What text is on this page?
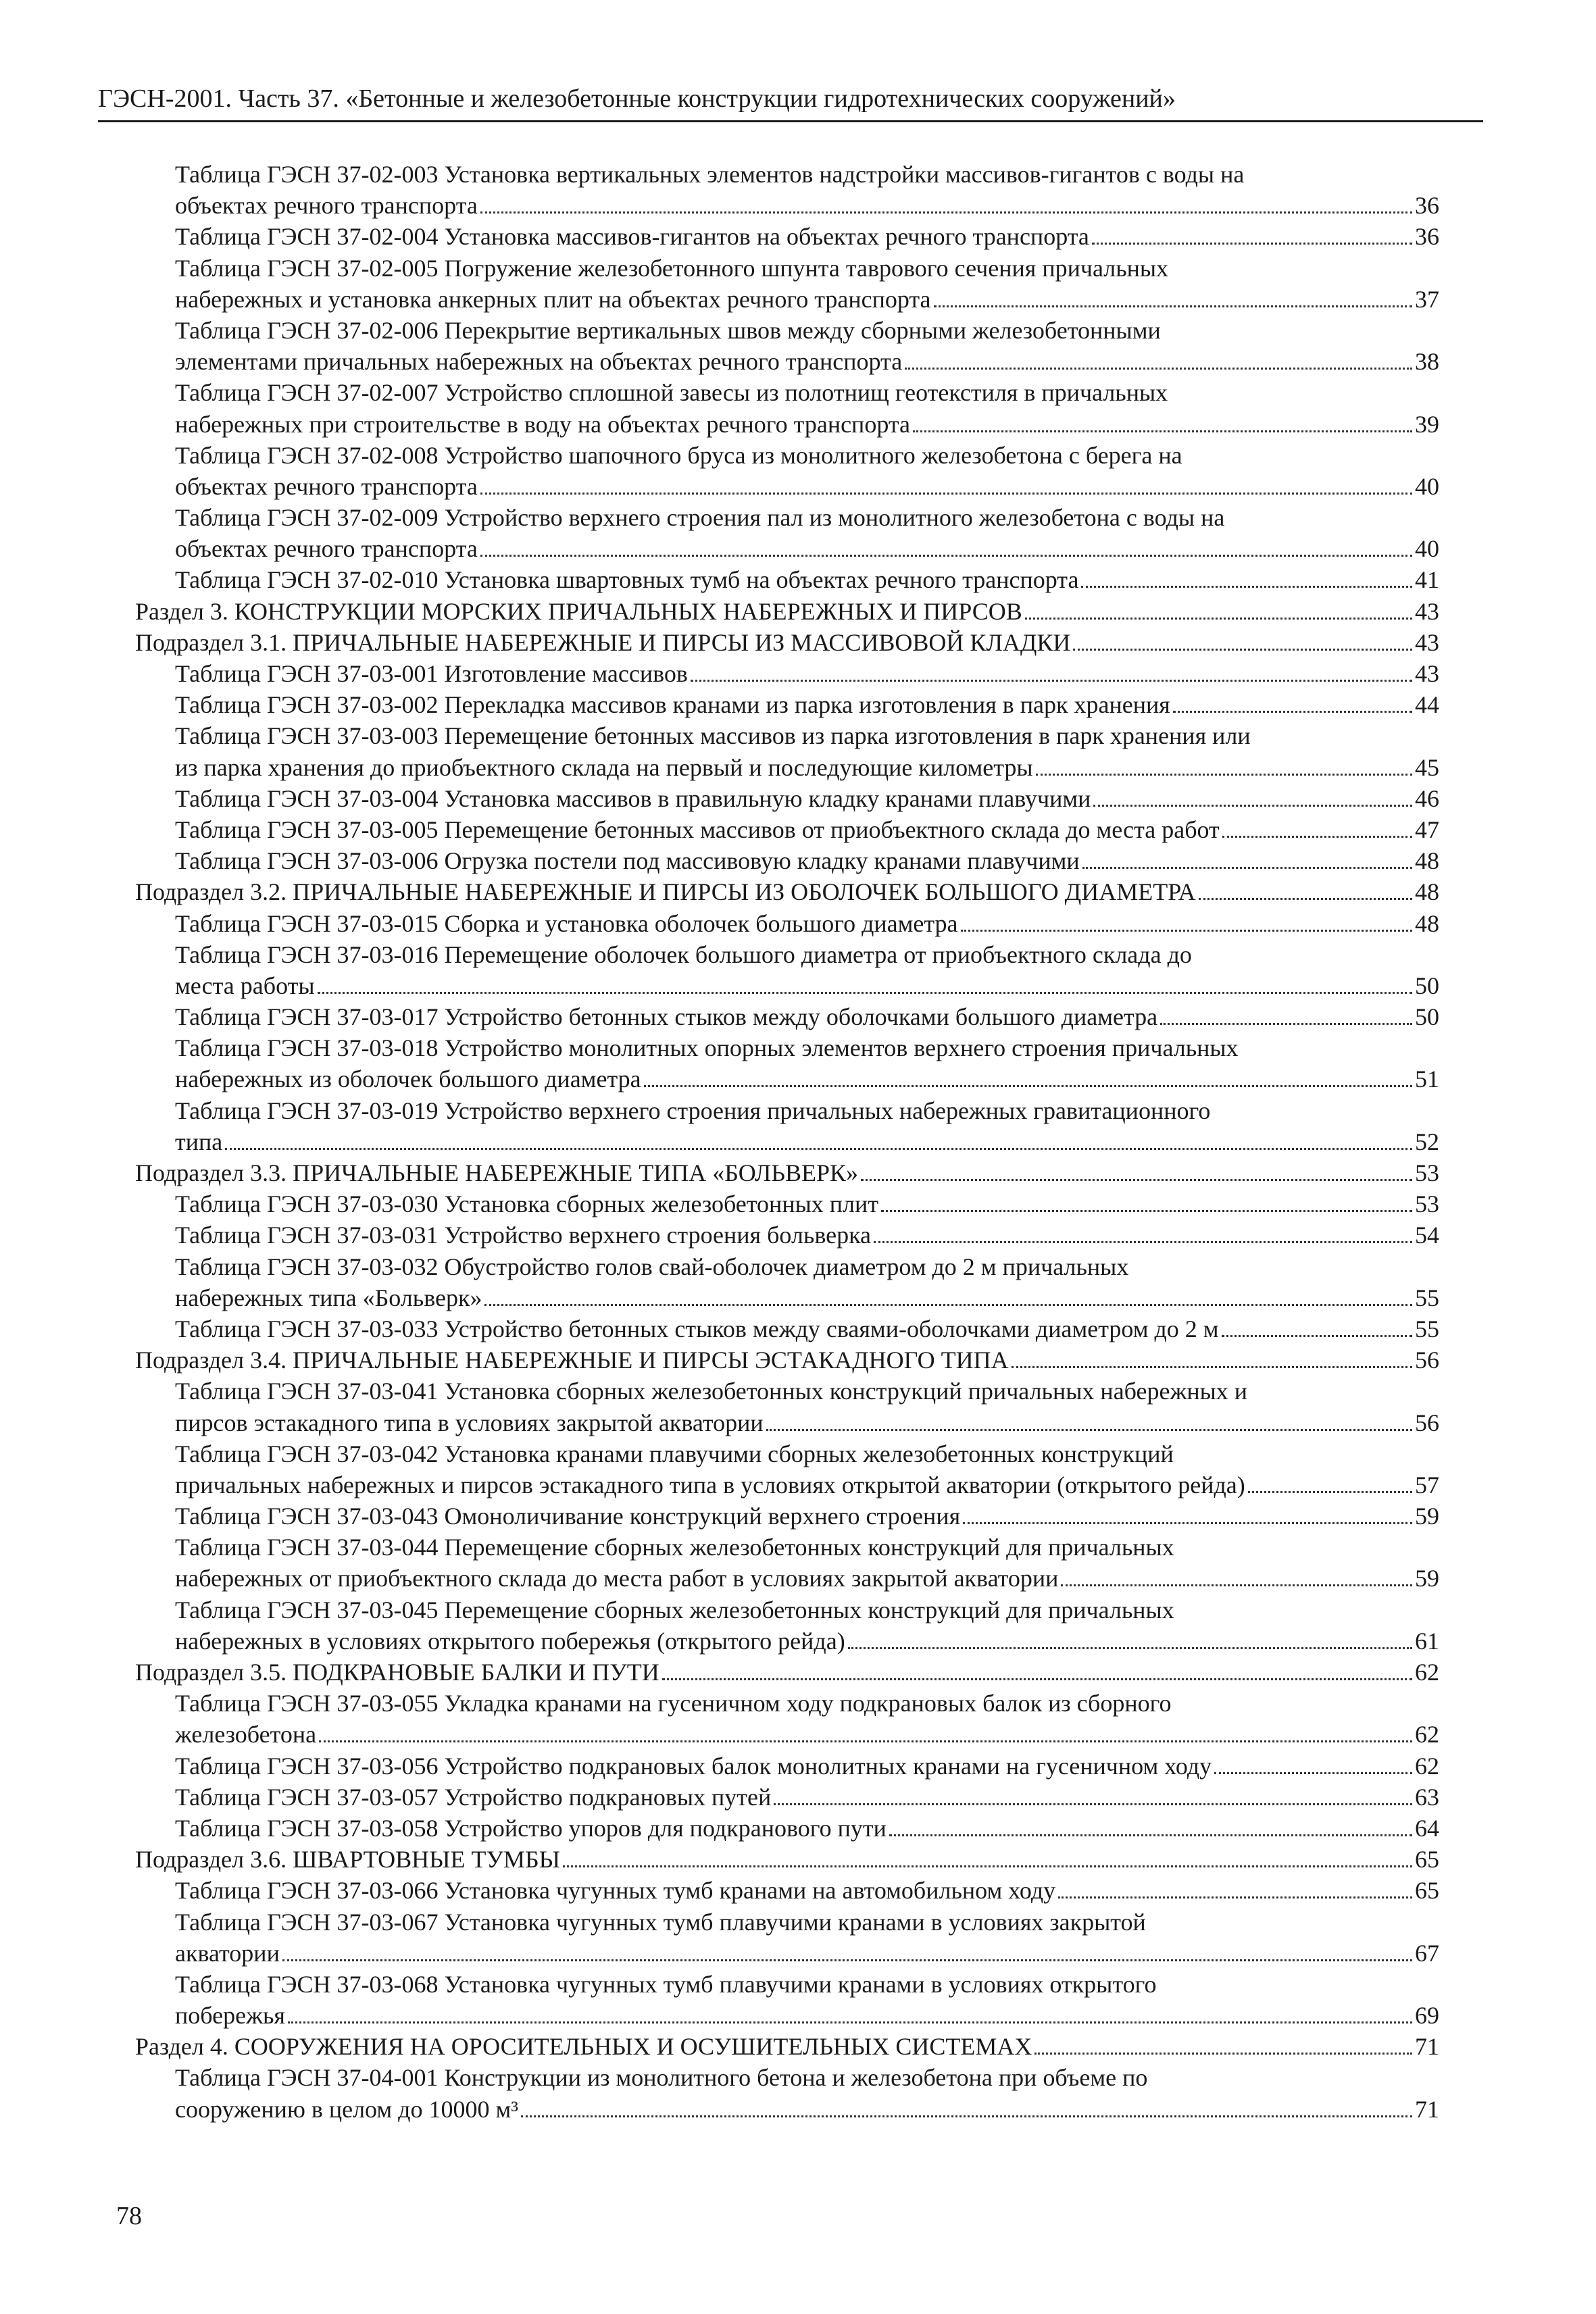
ГЭСН-2001. Часть 37. «Бетонные и железобетонные конструкции гидротехнических сооружений»
Таблица ГЭСН 37-02-003 Установка вертикальных элементов надстройки массивов-гигантов с воды на
объектах речного транспорта	36
Таблица ГЭСН 37-02-004 Установка массивов-гигантов на объектах речного транспорта	36
Таблица ГЭСН 37-02-005 Погружение железобетонного шпунта таврового сечения причальных
набережных и установка анкерных плит на объектах речного транспорта	37
Таблица ГЭСН 37-02-006 Перекрытие вертикальных швов между сборными железобетонными
элементами причальных набережных на объектах речного транспорта	38
Таблица ГЭСН 37-02-007 Устройство сплошной завесы из полотнищ геотекстиля в причальных
набережных при строительстве в воду на объектах речного транспорта	39
Таблица ГЭСН 37-02-008 Устройство шапочного бруса из монолитного железобетона с берега на
объектах речного транспорта	40
Таблица ГЭСН 37-02-009 Устройство верхнего строения пал из монолитного железобетона с воды на
объектах речного транспорта	40
Таблица ГЭСН 37-02-010 Установка швартовных тумб на объектах речного транспорта	41
Раздел 3. КОНСТРУКЦИИ МОРСКИХ ПРИЧАЛЬНЫХ НАБЕРЕЖНЫХ И ПИРСОВ	43
Подраздел 3.1. ПРИЧАЛЬНЫЕ НАБЕРЕЖНЫЕ И ПИРСЫ ИЗ МАССИВОВОЙ КЛАДКИ	43
Таблица ГЭСН 37-03-001 Изготовление массивов	43
Таблица ГЭСН 37-03-002 Перекладка массивов кранами из парка изготовления в парк хранения	44
Таблица ГЭСН 37-03-003 Перемещение бетонных массивов из парка изготовления в парк хранения или
из парка хранения до приобъектного склада на первый и последующие километры	45
Таблица ГЭСН 37-03-004 Установка массивов в правильную кладку кранами плавучими	46
Таблица ГЭСН 37-03-005 Перемещение бетонных массивов от приобъектного склада до места работ	47
Таблица ГЭСН 37-03-006 Огрузка постели под массивовую кладку кранами плавучими	48
Подраздел 3.2. ПРИЧАЛЬНЫЕ НАБЕРЕЖНЫЕ И ПИРСЫ ИЗ ОБОЛОЧЕК БОЛЬШОГО ДИАМЕТРА	48
Таблица ГЭСН 37-03-015 Сборка и установка оболочек большого диаметра	48
Таблица ГЭСН 37-03-016 Перемещение оболочек большого диаметра от приобъектного склада до
места работы	50
Таблица ГЭСН 37-03-017 Устройство бетонных стыков между оболочками большого диаметра	50
Таблица ГЭСН 37-03-018 Устройство монолитных опорных элементов верхнего строения причальных
набережных из оболочек большого диаметра	51
Таблица ГЭСН 37-03-019 Устройство верхнего строения причальных набережных гравитационного
типа	52
Подраздел 3.3. ПРИЧАЛЬНЫЕ НАБЕРЕЖНЫЕ ТИПА «БОЛЬВЕРК»	53
Таблица ГЭСН 37-03-030 Установка сборных железобетонных плит	53
Таблица ГЭСН 37-03-031 Устройство верхнего строения больверка	54
Таблица ГЭСН 37-03-032 Обустройство голов свай-оболочек диаметром до 2 м причальных
набережных типа «Больверк»	55
Таблица ГЭСН 37-03-033 Устройство бетонных стыков между сваями-оболочками диаметром до 2 м	55
Подраздел 3.4. ПРИЧАЛЬНЫЕ НАБЕРЕЖНЫЕ И ПИРСЫ ЭСТАКАДНОГО ТИПА	56
Таблица ГЭСН 37-03-041 Установка сборных железобетонных конструкций причальных набережных и
пирсов эстакадного типа в условиях закрытой акватории	56
Таблица ГЭСН 37-03-042 Установка кранами плавучими сборных железобетонных конструкций
причальных набережных и пирсов эстакадного типа в условиях открытой акватории (открытого рейда)	57
Таблица ГЭСН 37-03-043 Омоноличивание конструкций верхнего строения	59
Таблица ГЭСН 37-03-044 Перемещение сборных железобетонных конструкций для причальных
набережных от приобъектного склада до места работ в условиях закрытой акватории	59
Таблица ГЭСН 37-03-045 Перемещение сборных железобетонных конструкций для причальных
набережных в условиях открытого побережья (открытого рейда)	61
Подраздел 3.5. ПОДКРАНОВЫЕ БАЛКИ И ПУТИ	62
Таблица ГЭСН 37-03-055 Укладка кранами на гусеничном ходу подкрановых балок из сборного
железобетона	62
Таблица ГЭСН 37-03-056 Устройство подкрановых балок монолитных кранами на гусеничном ходу	62
Таблица ГЭСН 37-03-057 Устройство подкрановых путей	63
Таблица ГЭСН 37-03-058 Устройство упоров для подкранового пути	64
Подраздел 3.6. ШВАРТОВНЫЕ ТУМБЫ	65
Таблица ГЭСН 37-03-066 Установка чугунных тумб кранами на автомобильном ходу	65
Таблица ГЭСН 37-03-067 Установка чугунных тумб плавучими кранами в условиях закрытой
акватории	67
Таблица ГЭСН 37-03-068 Установка чугунных тумб плавучими кранами в условиях открытого
побережья	69
Раздел 4. СООРУЖЕНИЯ НА ОРОСИТЕЛЬНЫХ И ОСУШИТЕЛЬНЫХ СИСТЕМАХ	71
Таблица ГЭСН 37-04-001 Конструкции из монолитного бетона и железобетона при объеме по
сооружению в целом до 10000 м³	71
78
